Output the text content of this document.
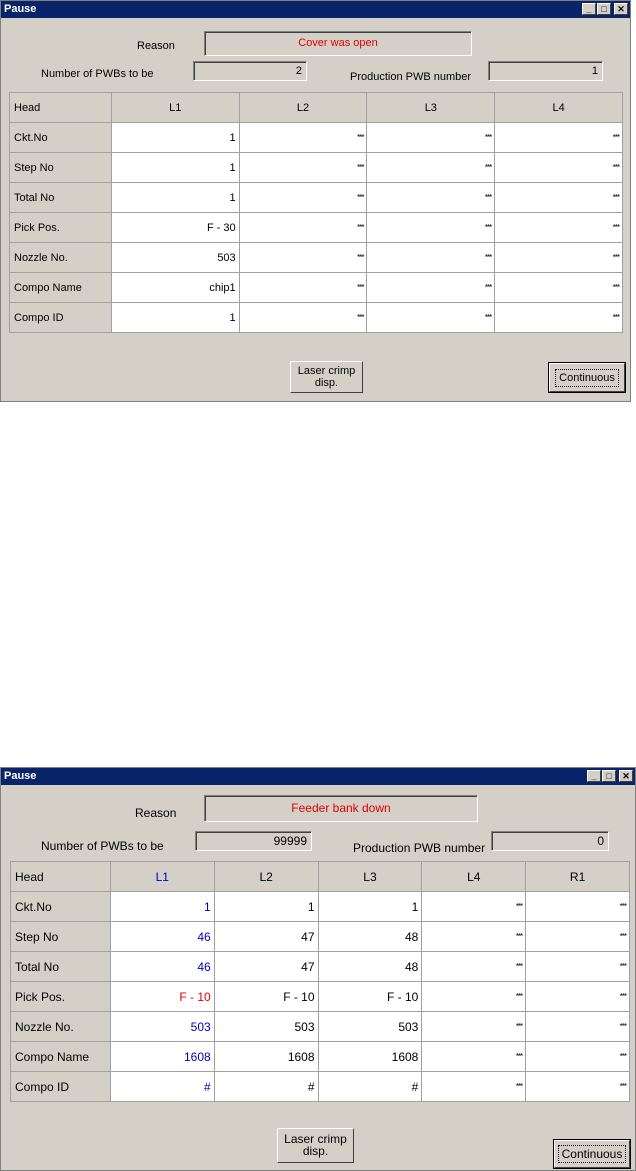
Pause	_	□	✕
Reason	Cover was open
Number of PWBs to be	2	Production PWB number	1
Head	L1	L2	L3	L4
Ckt.No	1	***	***	***
Step No	1	***	***	***
Total No	1	***	***	***
Pick Pos.	F - 30	***	***	***
Nozzle No.	503	***	***	***
Compo Name	chip1	***	***	***
Compo ID	1	***	***	***
Laser crimp
disp.	Continuous
Pause	_	□	✕
Reason	Feeder bank down
Number of PWBs to be	99999	Production PWB number	0
Head	L1	L2	L3	L4	R1
Ckt.No	1	1	1	***	***
Step No	46	47	48	***	***
Total No	46	47	48	***	***
Pick Pos.	F - 10	F - 10	F - 10	***	***
Nozzle No.	503	503	503	***	***
Compo Name	1608	1608	1608	***	***
Compo ID	#	#	#	***	***
Laser crimp
disp.	Continuous
